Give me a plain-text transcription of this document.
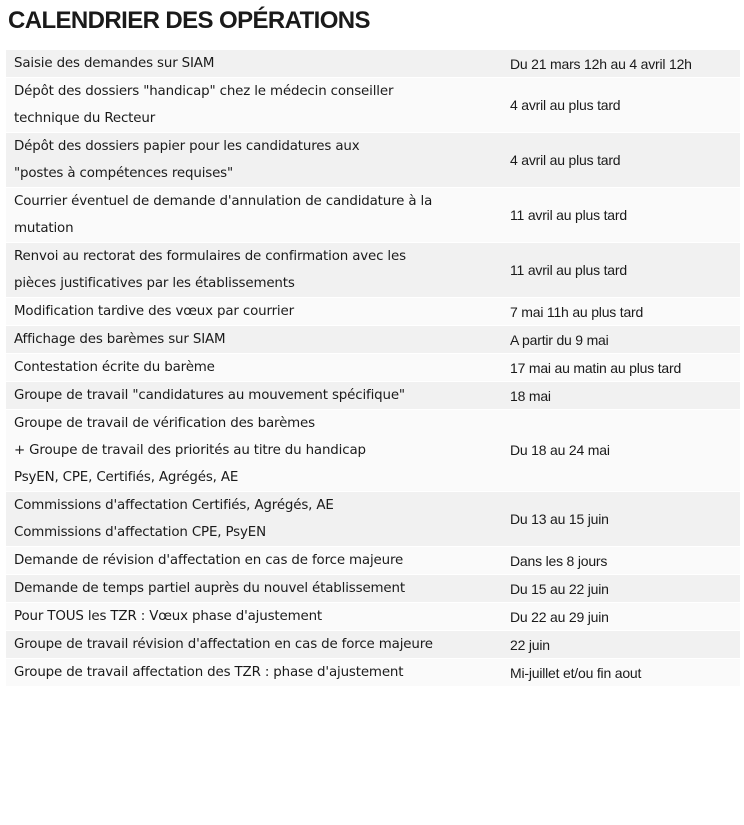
CALENDRIER DES OPÉRATIONS
Saisie des demandes sur SIAM	Du 21 mars 12h au 4 avril 12h

Dépôt des dossiers "handicap" chez le médecin conseiller
technique du Recteur	4 avril au plus tard

Dépôt des dossiers papier pour les candidatures aux
"postes à compétences requises"	4 avril au plus tard

Courrier éventuel de demande d'annulation de candidature à la
mutation	11 avril au plus tard

Renvoi au rectorat des formulaires de confirmation avec les
pièces justificatives par les établissements	11 avril au plus tard

Modification tardive des vœux par courrier	7 mai 11h au plus tard

Affichage des barèmes sur SIAM	A partir du 9 mai

Contestation écrite du barème	17 mai au matin au plus tard

Groupe de travail "candidatures au mouvement spécifique"	18 mai

Groupe de travail de vérification des barèmes
+ Groupe de travail des priorités au titre du handicap
PsyEN, CPE, Certifiés, Agrégés, AE	Du 18 au 24 mai

Commissions d'affectation Certifiés, Agrégés, AE
Commissions d'affectation CPE, PsyEN	Du 13 au 15 juin

Demande de révision d'affectation en cas de force majeure	Dans les 8 jours

Demande de temps partiel auprès du nouvel établissement	Du 15 au 22 juin

Pour TOUS les TZR : Vœux phase d'ajustement	Du 22 au 29 juin

Groupe de travail révision d'affectation en cas de force majeure	22 juin

Groupe de travail affectation des TZR : phase d'ajustement	Mi-juillet et/ou fin aout
